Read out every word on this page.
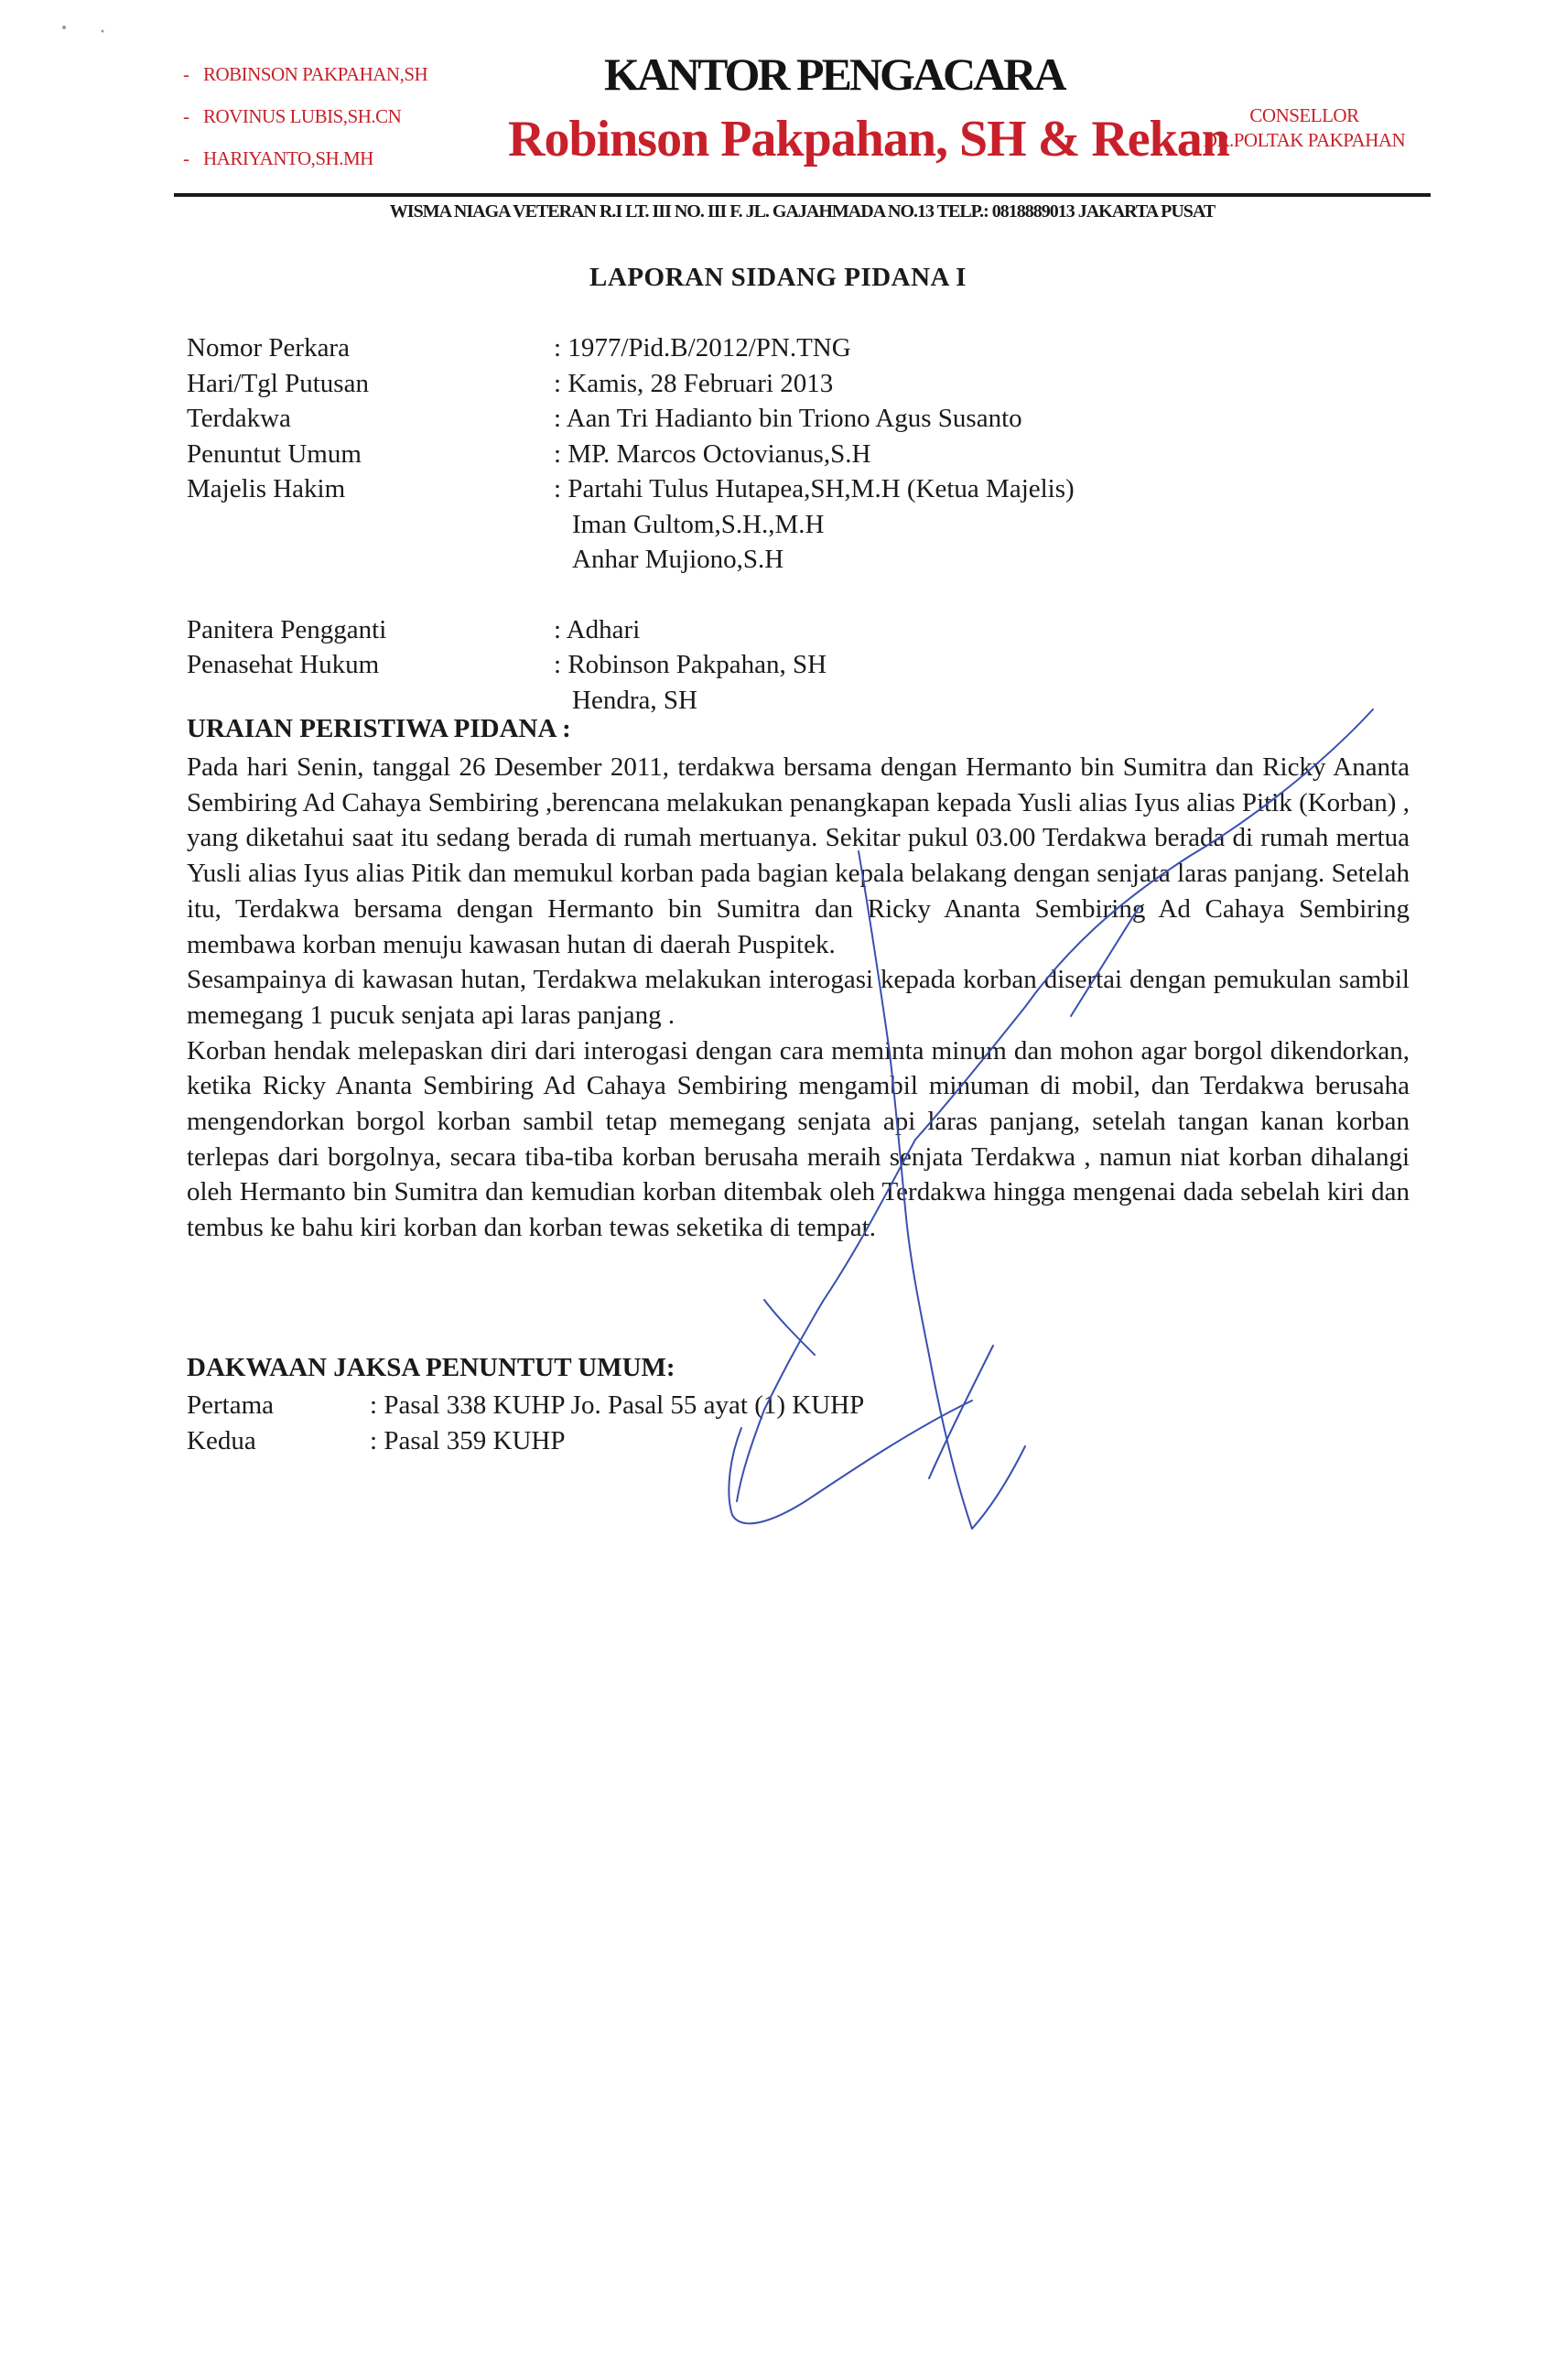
- ROBINSON PAKPAHAN,SH
- ROVINUS LUBIS,SH.CN
- HARIYANTO,SH.MH
KANTOR PENGACARA
Robinson Pakpahan, SH & Rekan	CONSELLOR
DR.POLTAK PAKPAHAN
WISMA NIAGA VETERAN R.I LT. III NO. III F. JL. GAJAHMADA NO.13 TELP.: 0818889013 JAKARTA PUSAT
LAPORAN SIDANG PIDANA I
Nomor Perkara	: 1977/Pid.B/2012/PN.TNG
Hari/Tgl Putusan	: Kamis, 28 Februari 2013
Terdakwa	: Aan Tri Hadianto bin Triono Agus Susanto
Penuntut Umum	: MP. Marcos Octovianus,S.H
Majelis Hakim	: Partahi Tulus Hutapea,SH,M.H (Ketua Majelis)
Iman Gultom,S.H.,M.H
Anhar Mujiono,S.H
Panitera Pengganti	: Adhari
Penasehat Hukum	: Robinson Pakpahan, SH
Hendra, SH
URAIAN PERISTIWA PIDANA :

Pada hari Senin, tanggal 26 Desember 2011, terdakwa bersama dengan Hermanto bin Sumitra dan Ricky Ananta Sembiring Ad Cahaya Sembiring ,berencana melakukan penangkapan kepada Yusli alias Iyus alias Pitik (Korban) , yang diketahui saat itu sedang berada di rumah mertuanya. Sekitar pukul 03.00 Terdakwa berada di rumah mertua Yusli alias Iyus alias Pitik dan memukul korban pada bagian kepala belakang dengan senjata laras panjang. Setelah itu, Terdakwa bersama dengan Hermanto bin Sumitra dan Ricky Ananta Sembiring Ad Cahaya Sembiring membawa korban menuju kawasan hutan di daerah Puspitek.

Sesampainya di kawasan hutan, Terdakwa melakukan interogasi kepada korban disertai dengan pemukulan sambil memegang 1 pucuk senjata api laras panjang .

Korban hendak melepaskan diri dari interogasi dengan cara meminta minum dan mohon agar borgol dikendorkan, ketika Ricky Ananta Sembiring Ad Cahaya Sembiring mengambil minuman di mobil, dan Terdakwa berusaha mengendorkan borgol korban sambil tetap memegang senjata api laras panjang, setelah tangan kanan korban terlepas dari borgolnya, secara tiba-tiba korban berusaha meraih senjata Terdakwa , namun niat korban dihalangi oleh Hermanto bin Sumitra dan kemudian korban ditembak oleh Terdakwa hingga mengenai dada sebelah kiri dan tembus ke bahu kiri korban dan korban tewas seketika di tempat.

DAKWAAN JAKSA PENUNTUT UMUM:
Pertama	: Pasal 338 KUHP Jo. Pasal 55 ayat (1) KUHP
Kedua	: Pasal 359 KUHP
